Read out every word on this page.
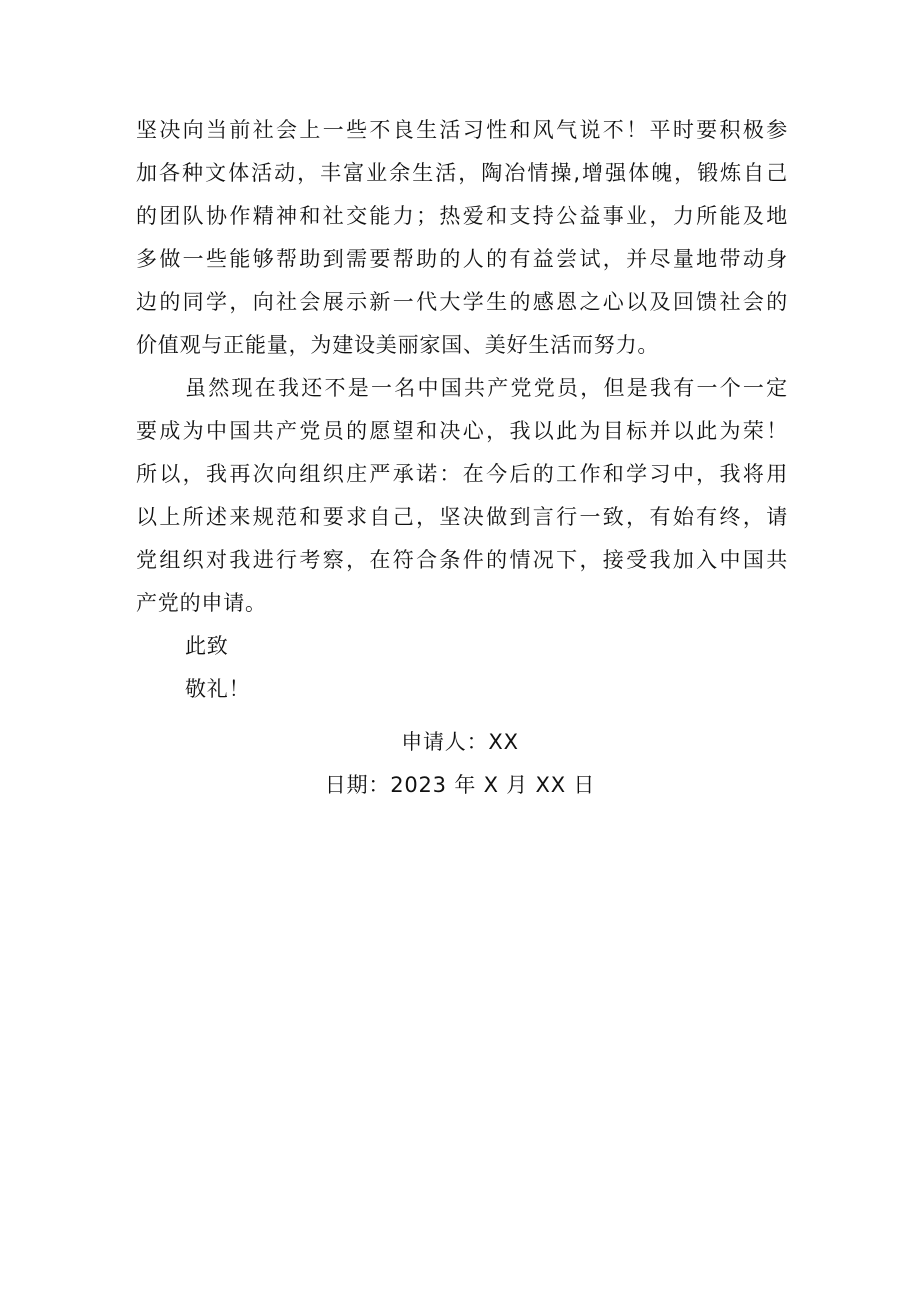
坚决向当前社会上一些不良生活习性和风气说不！平时要积极参
加各种文体活动，丰富业余生活，陶冶情操,增强体魄，锻炼自己
的团队协作精神和社交能力；热爱和支持公益事业，力所能及地
多做一些能够帮助到需要帮助的人的有益尝试，并尽量地带动身
边的同学，向社会展示新一代大学生的感恩之心以及回馈社会的
价值观与正能量，为建设美丽家国、美好生活而努力。

虽然现在我还不是一名中国共产党党员，但是我有一个一定
要成为中国共产党员的愿望和决心，我以此为目标并以此为荣！
所以，我再次向组织庄严承诺：在今后的工作和学习中，我将用
以上所述来规范和要求自己，坚决做到言行一致，有始有终，请
党组织对我进行考察，在符合条件的情况下，接受我加入中国共
产党的申请。

此致
敬礼！
申请人：XX
日期：2023 年 X 月 XX 日
